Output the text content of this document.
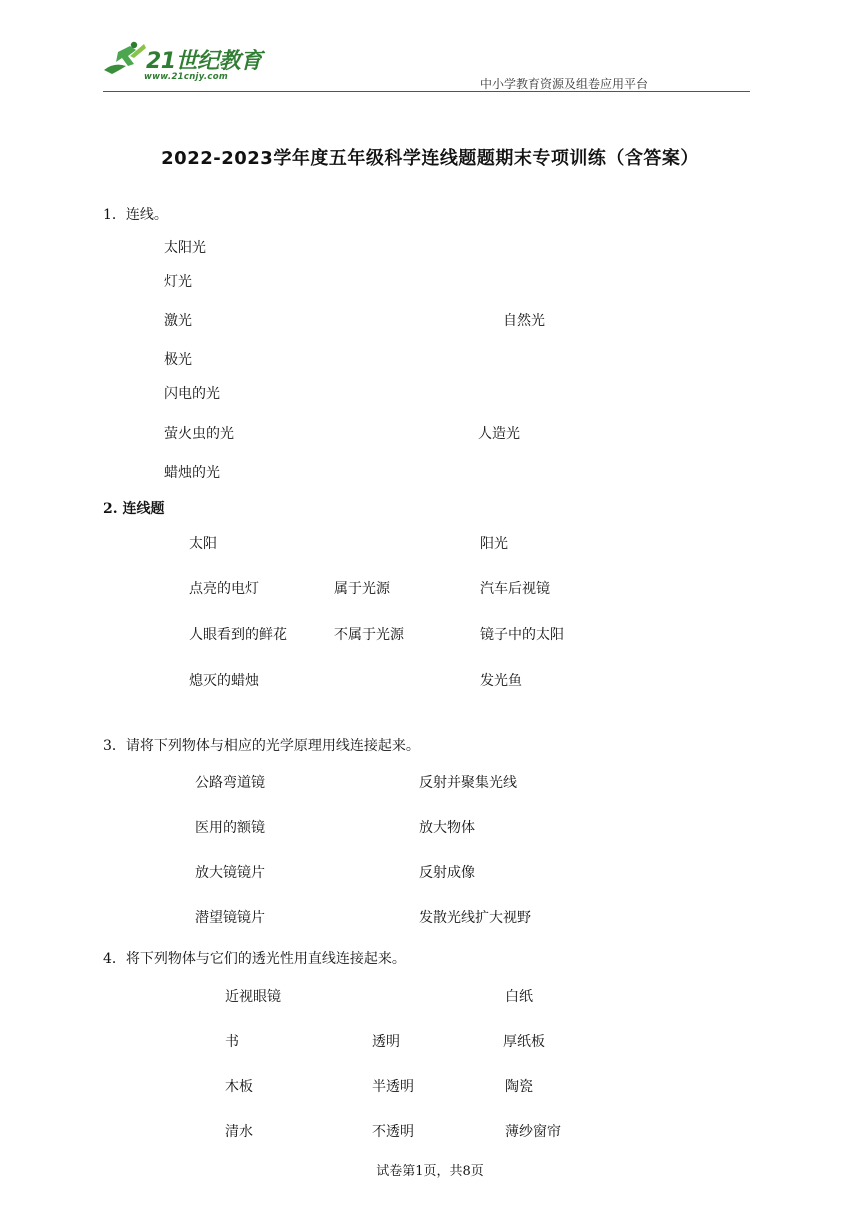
21世纪教育
www.21cnjy.com	中小学教育资源及组卷应用平台
2022-2023学年度五年级科学连线题题期末专项训练（含答案）
1．连线。
太阳光
灯光
激光
极光
闪电的光
萤火虫的光
蜡烛的光
自然光
人造光
2. 连线题
太阳
点亮的电灯
人眼看到的鲜花
熄灭的蜡烛
属于光源
不属于光源
阳光
汽车后视镜
镜子中的太阳
发光鱼
3．请将下列物体与相应的光学原理用线连接起来。
公路弯道镜
医用的额镜
放大镜镜片
潜望镜镜片
反射并聚集光线
放大物体
反射成像
发散光线扩大视野
4．将下列物体与它们的透光性用直线连接起来。
近视眼镜
书
木板
清水
透明
半透明
不透明
白纸
厚纸板
陶瓷
薄纱窗帘
试卷第1页，共8页
